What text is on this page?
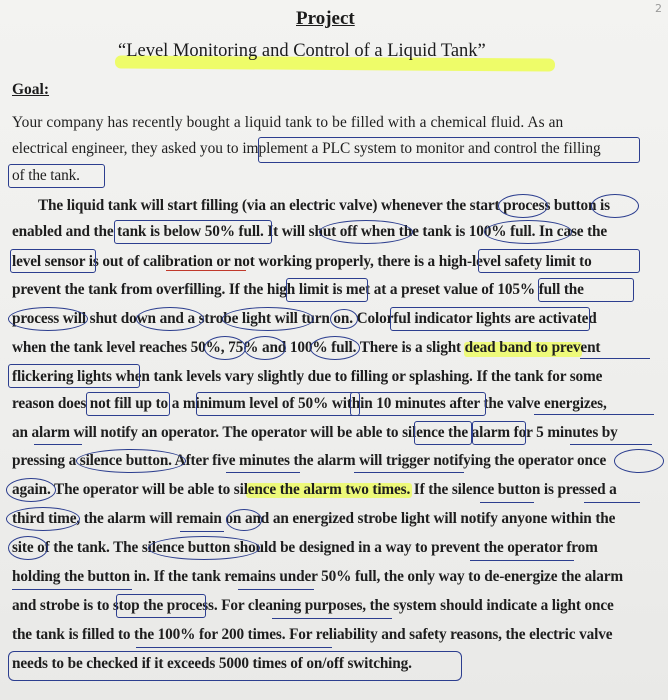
2
Project
“Level Monitoring and Control of a Liquid Tank”
Goal:
Your company has recently bought a liquid tank to be filled with a chemical fluid. As an
electrical engineer, they asked you to implement a PLC system to monitor and control the filling
of the tank.
The liquid tank will start filling (via an electric valve) whenever the start process button is
enabled and the tank is below 50% full. It will shut off when the tank is 100% full. In case the
level sensor is out of calibration or not working properly, there is a high-level safety limit to
prevent the tank from overfilling. If the high limit is met at a preset value of 105% full the
process will shut down and a strobe light will turn on. Colorful indicator lights are activated
when the tank level reaches 50%, 75% and 100% full. There is a slight dead band to prevent
flickering lights when tank levels vary slightly due to filling or splashing. If the tank for some
reason does not fill up to a minimum level of 50% within 10 minutes after the valve energizes,
an alarm will notify an operator. The operator will be able to silence the alarm for 5 minutes by
pressing a silence button. After five minutes the alarm will trigger notifying the operator once
again. The operator will be able to silence the alarm two times. If the silence button is pressed a
third time, the alarm will remain on and an energized strobe light will notify anyone within the
site of the tank. The silence button should be designed in a way to prevent the operator from
holding the button in. If the tank remains under 50% full, the only way to de-energize the alarm
and strobe is to stop the process. For cleaning purposes, the system should indicate a light once
the tank is filled to the 100% for 200 times. For reliability and safety reasons, the electric valve
needs to be checked if it exceeds 5000 times of on/off switching.
